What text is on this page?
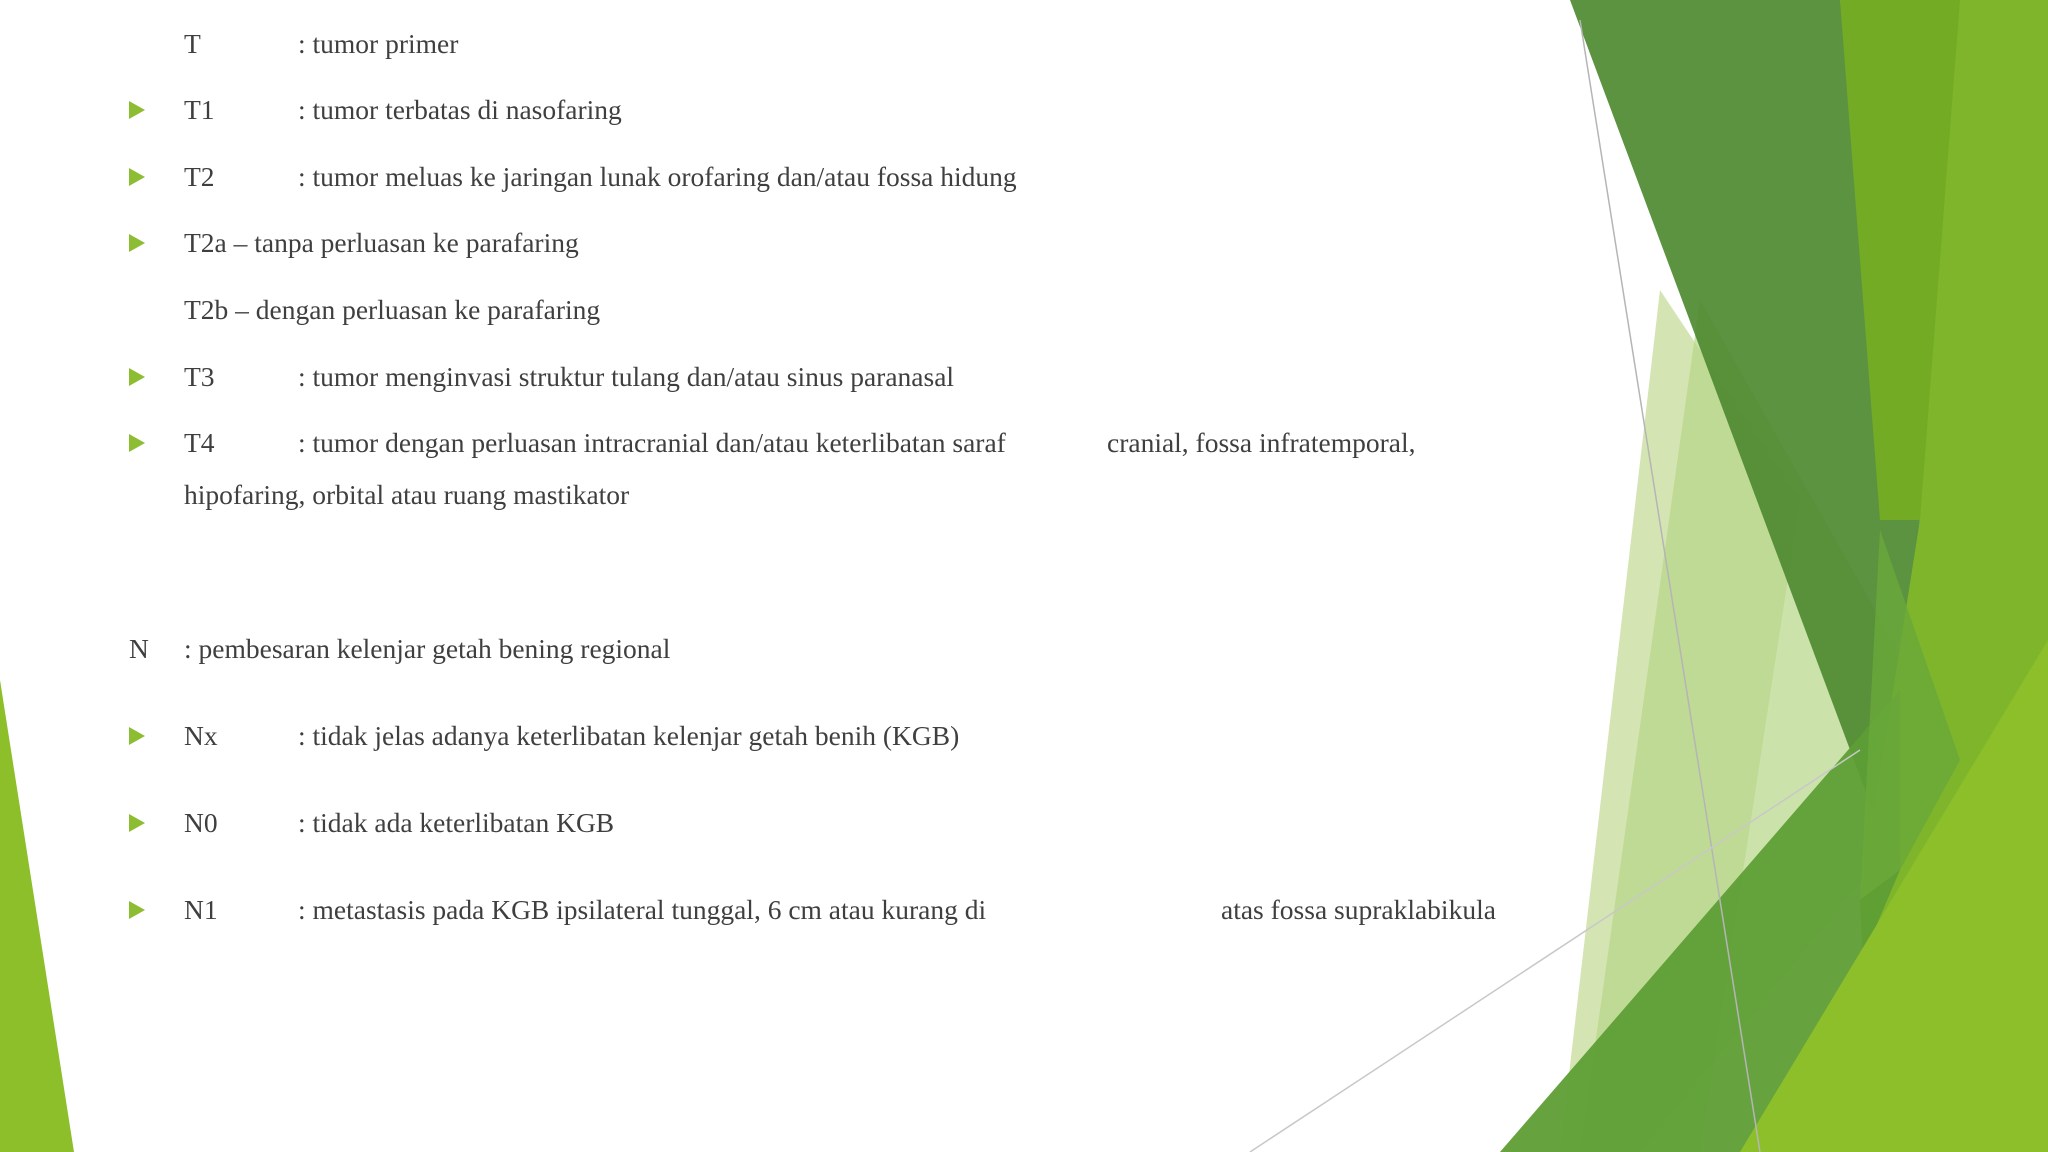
T	: tumor primer
T1	: tumor terbatas di nasofaring
T2	: tumor meluas ke jaringan lunak orofaring dan/atau fossa hidung
T2a – tanpa perluasan ke parafaring
T2b – dengan perluasan ke parafaring
T3	: tumor menginvasi struktur tulang dan/atau sinus paranasal
T4	: tumor dengan perluasan intracranial dan/atau keterlibatan saraf	cranial, fossa infratemporal,
hipofaring, orbital atau ruang mastikator
N : pembesaran kelenjar getah bening regional
Nx	: tidak jelas adanya keterlibatan kelenjar getah benih (KGB)
N0	: tidak ada keterlibatan KGB
N1	: metastasis pada KGB ipsilateral tunggal, 6 cm atau kurang di	atas fossa supraklabikula
